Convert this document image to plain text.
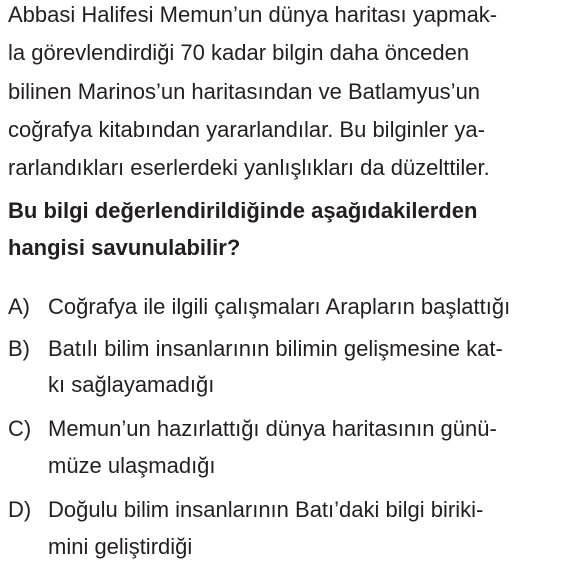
Abbasi Halifesi Memun’un dünya haritası yapmak-
la görevlendirdiği 70 kadar bilgin daha önceden
bilinen Marinos’un haritasından ve Batlamyus’un
coğrafya kitabından yararlandılar. Bu bilginler ya-
rarlandıkları eserlerdeki yanlışlıkları da düzelttiler.
Bu bilgi değerlendirildiğinde aşağıdakilerden
hangisi savunulabilir?
A) Coğrafya ile ilgili çalışmaları Arapların başlattığı
B) Batılı bilim insanlarının bilimin gelişmesine kat-
kı sağlayamadığı
C) Memun’un hazırlattığı dünya haritasının günü-
müze ulaşmadığı
D) Doğulu bilim insanlarının Batı’daki bilgi biriki-
mini geliştirdiği
